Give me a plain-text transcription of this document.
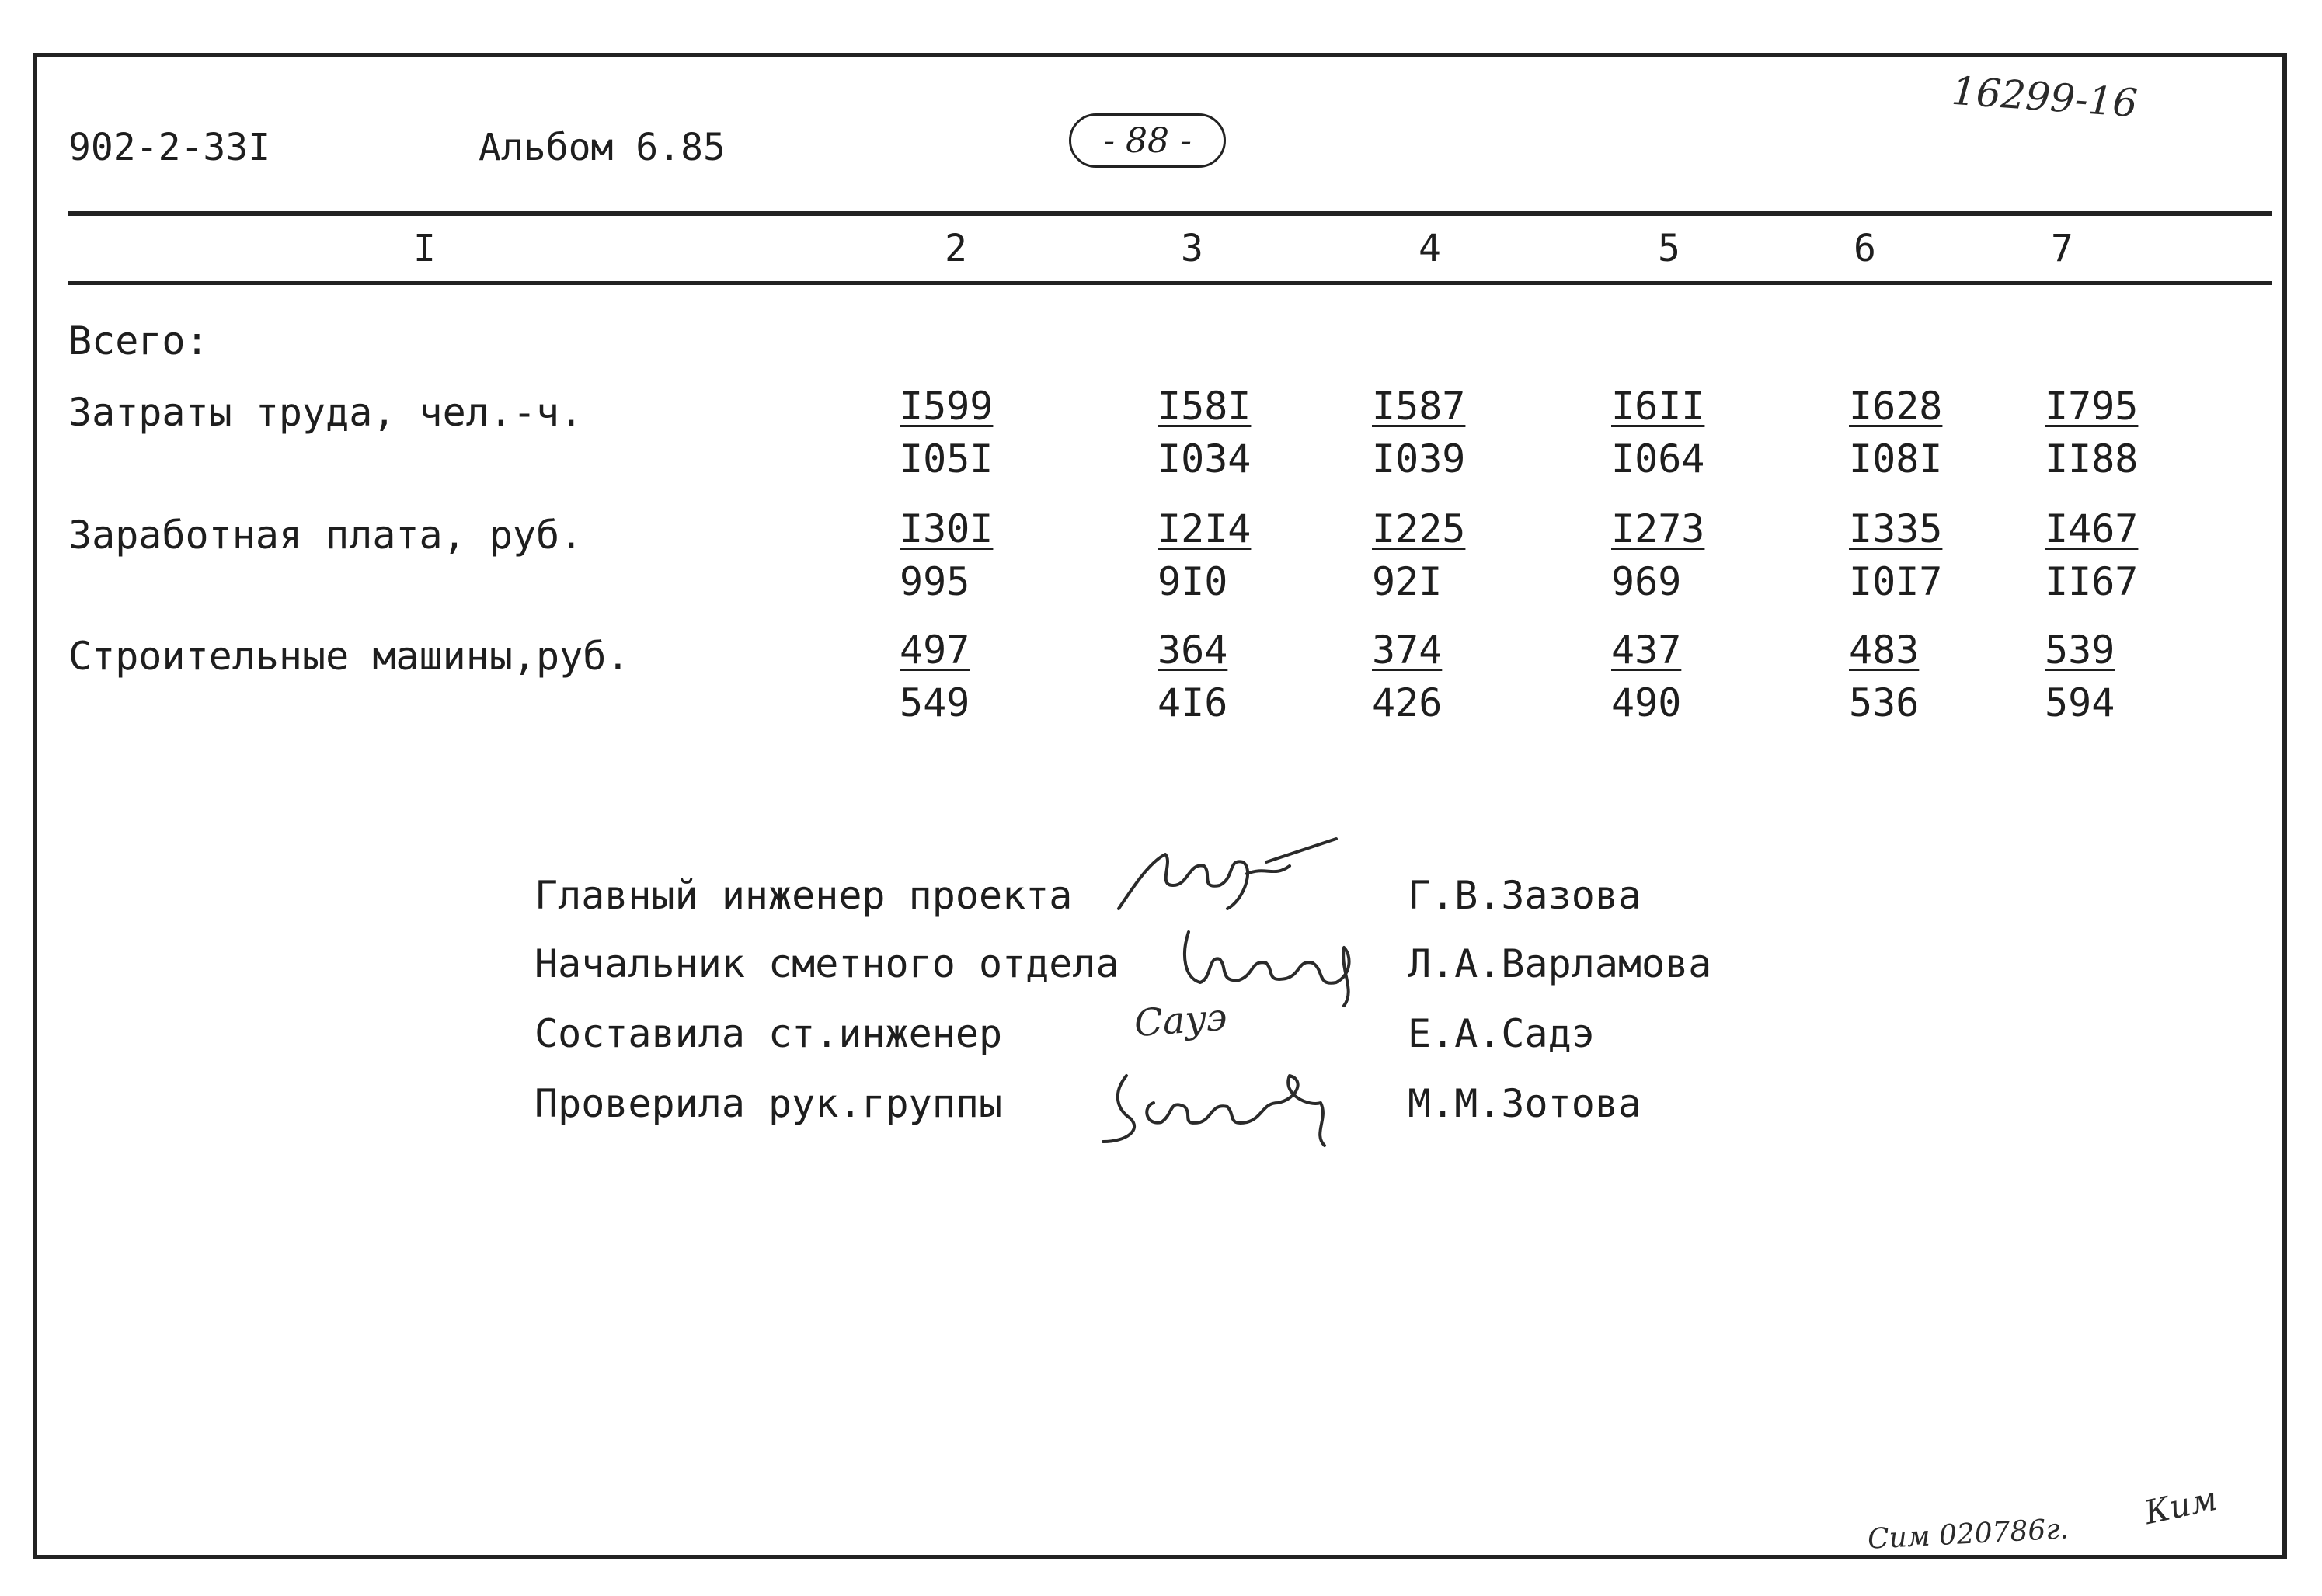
902-2-33I	Альбом 6.85	- 88 -
16299-16
I	2	3	4	5	6	7
Всего:
Затраты труда, чел.-ч.	I599	I58I	I587	I6II	I628	I795
I05I	I034	I039	I064	I08I	II88
Заработная плата, руб.	I30I	I2I4	I225	I273	I335	I467
995	9I0	92I	969	I0I7	II67
Строительные машины,руб.	497	364	374	437	483	539
549	4I6	426	490	536	594
Главный инженер проекта
Начальник сметного отдела
Составила ст.инженер
Проверила рук.группы
Г.В.Зазова
Л.А.Варламова
Е.А.Садэ
М.М.Зотова
Саyэ
Сим 020786г.
Ким
